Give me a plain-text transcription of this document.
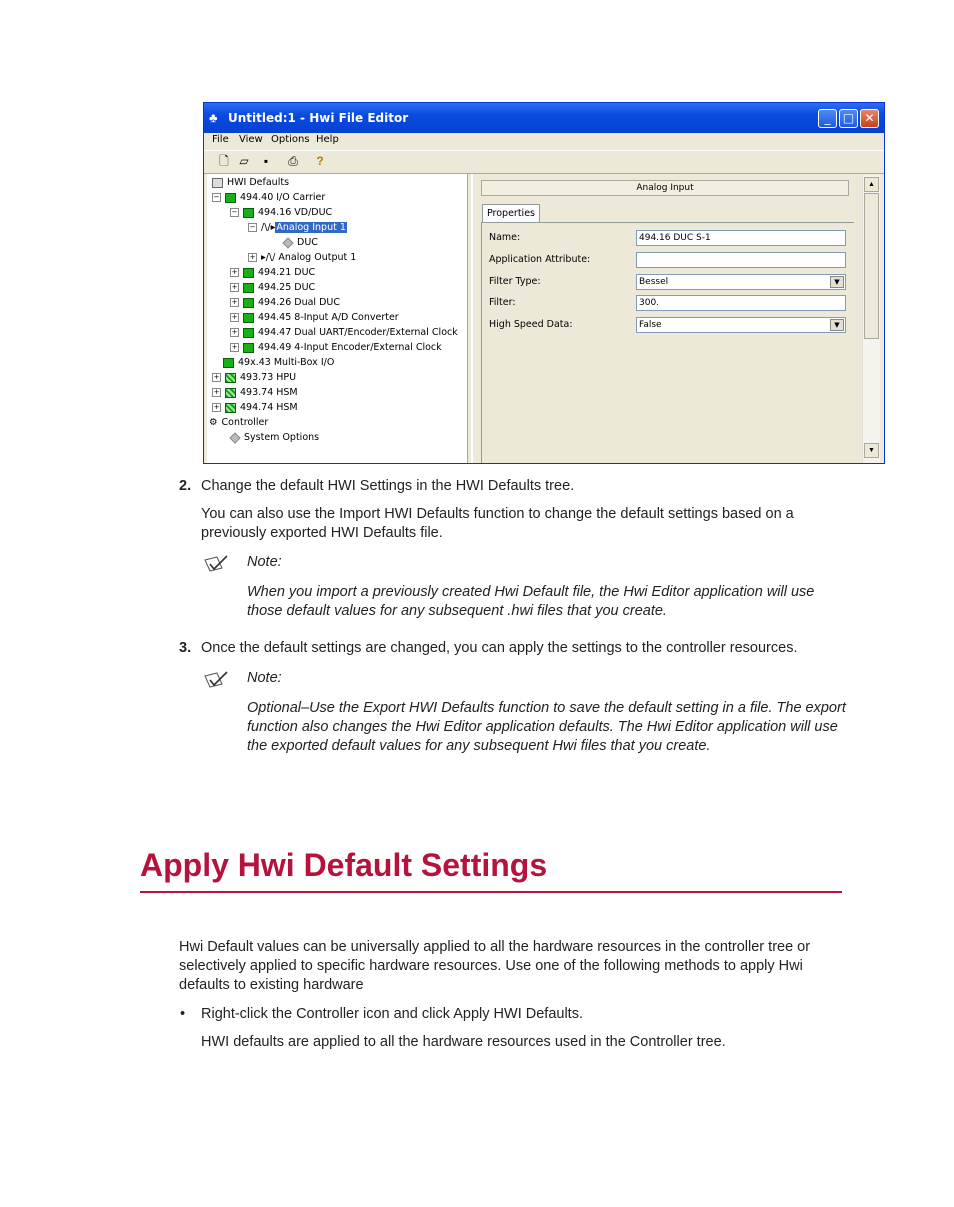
♣ Untitled:1 - Hwi File Editor	_	□ ✕
File View Options Help
🗋 ▱	▪	⎙ ?
HWI Defaults
− 494.40 I/O Carrier
− 494.16 VD/DUC
− /\/▸Analog Input 1
DUC
+ ▸/\/ Analog Output 1
+ 494.21 DUC
+ 494.25 DUC
+ 494.26 Dual DUC
+ 494.45 8-Input A/D Converter
+ 494.47 Dual UART/Encoder/External Clock
+ 494.49 4-Input Encoder/External Clock
49x.43 Multi-Box I/O
+ 493.73 HPU
+ 493.74 HSM
+ 494.74 HSM
⚙ Controller
System Options
Analog Input
Properties
Name:	494.16 DUC S-1
Application Attribute:
Filter Type:	Bessel	▼
Filter:	300.
High Speed Data:	False	▼
▲
▼
2. Change the default HWI Settings in the HWI Defaults tree.
You can also use the Import HWI Defaults function to change the default settings based on a previously exported HWI Defaults file.
Note:
When you import a previously created Hwi Default file, the Hwi Editor application will use those default values for any subsequent .hwi files that you create.
3. Once the default settings are changed, you can apply the settings to the controller resources.
Note:
Optional–Use the Export HWI Defaults function to save the default setting in a file. The export function also changes the Hwi Editor application defaults. The Hwi Editor application will use the exported default values for any subsequent Hwi files that you create.
Apply Hwi Default Settings
Hwi Default values can be universally applied to all the hardware resources in the controller tree or selectively applied to specific hardware resources. Use one of the following methods to apply Hwi defaults to existing hardware
• Right-click the Controller icon and click Apply HWI Defaults.
HWI defaults are applied to all the hardware resources used in the Controller tree.
